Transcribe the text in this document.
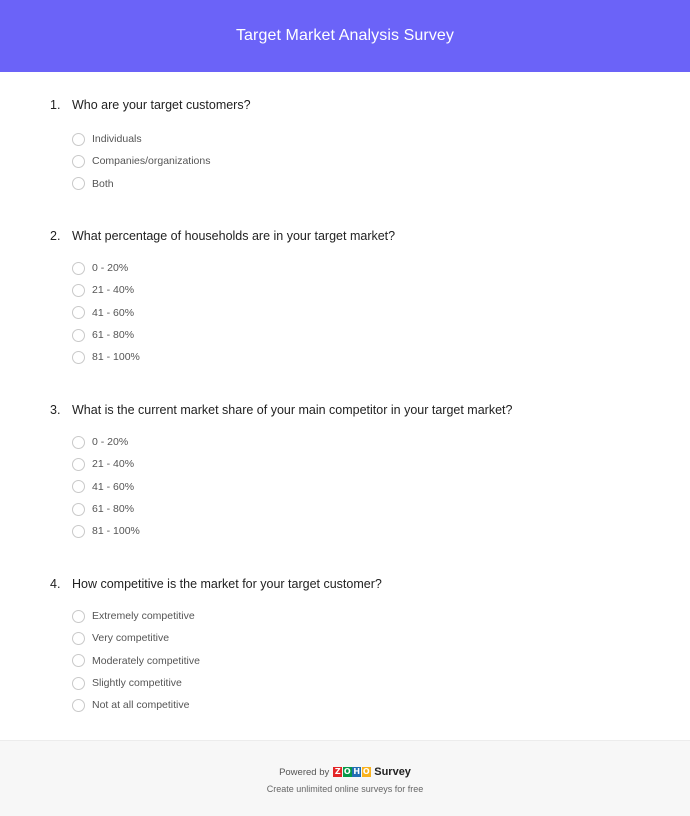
Target Market Analysis Survey
1. Who are your target customers?
Individuals
Companies/organizations
Both
2. What percentage of households are in your target market?
0 - 20%
21 - 40%
41 - 60%
61 - 80%
81 - 100%
3. What is the current market share of your main competitor in your target market?
0 - 20%
21 - 40%
41 - 60%
61 - 80%
81 - 100%
4. How competitive is the market for your target customer?
Extremely competitive
Very competitive
Moderately competitive
Slightly competitive
Not at all competitive
Powered by Z O H O Survey
Create unlimited online surveys for free
